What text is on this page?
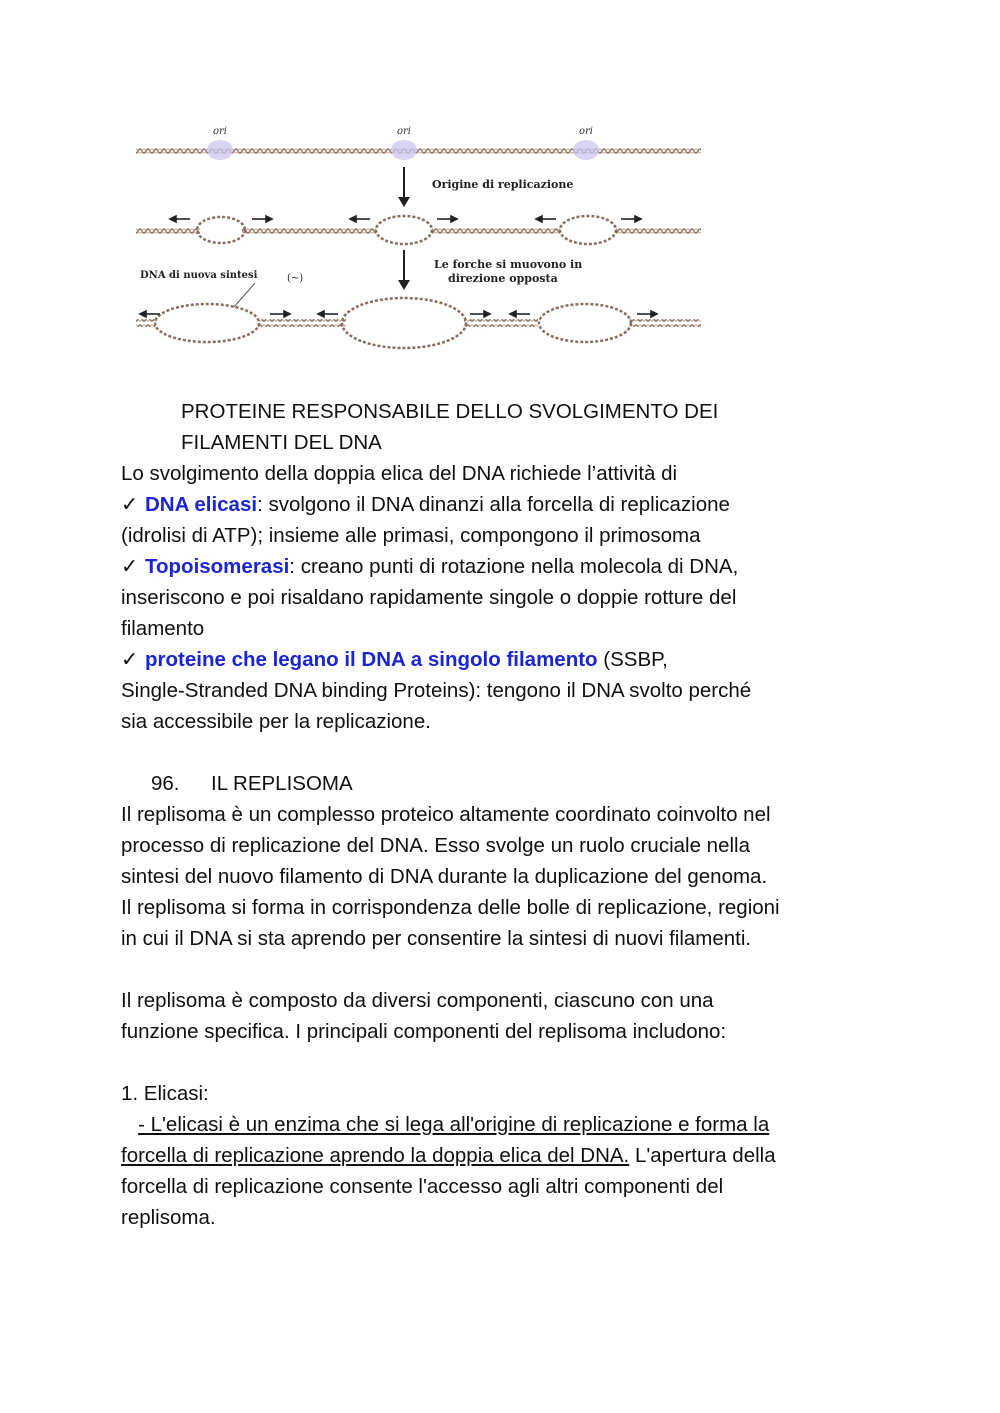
ori	ori	ori
Origine di replicazione
Le forche si muovono in
direzione opposta
DNA di nuova sintesi	(~)

PROTEINE RESPONSABILE DELLO SVOLGIMENTO DEI

FILAMENTI DEL DNA

Lo svolgimento della doppia elica del DNA richiede l’attività di

✓ DNA elicasi: svolgono il DNA dinanzi alla forcella di replicazione

(idrolisi di ATP); insieme alle primasi, compongono il primosoma

✓ Topoisomerasi: creano punti di rotazione nella molecola di DNA,

inseriscono e poi risaldano rapidamente singole o doppie rotture del

filamento

✓ proteine che legano il DNA a singolo filamento (SSBP,

Single-Stranded DNA binding Proteins): tengono il DNA svolto perché

sia accessibile per la replicazione.

96. IL REPLISOMA

Il replisoma è un complesso proteico altamente coordinato coinvolto nel

processo di replicazione del DNA. Esso svolge un ruolo cruciale nella

sintesi del nuovo filamento di DNA durante la duplicazione del genoma.

Il replisoma si forma in corrispondenza delle bolle di replicazione, regioni

in cui il DNA si sta aprendo per consentire la sintesi di nuovi filamenti.

Il replisoma è composto da diversi componenti, ciascuno con una

funzione specifica. I principali componenti del replisoma includono:

1. Elicasi:

- L'elicasi è un enzima che si lega all'origine di replicazione e forma la

forcella di replicazione aprendo la doppia elica del DNA. L'apertura della

forcella di replicazione consente l'accesso agli altri componenti del

replisoma.
